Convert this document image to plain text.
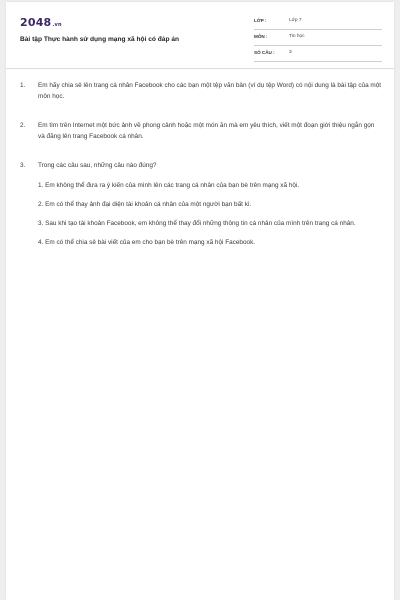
2048.vn
Bài tập Thực hành sử dụng mạng xã hội có đáp án
LỚP :	Lớp 7
MÔN :	Tin học
SỐ CÂU :	3
1. Em hãy chia sẻ lên trang cá nhân Facebook cho các bạn một tệp văn bản (ví dụ tệp Word) có nội dung là bài tập của một môn học.
2. Em tìm trên Internet một bức ảnh về phong cảnh hoặc một món ăn mà em yêu thích, viết một đoạn giới thiệu ngắn gọn và đăng lên trang Facebook cá nhân.
3. Trong các câu sau, những câu nào đúng?
1. Em không thể đưa ra ý kiến của mình lên các trang cá nhân của bạn bè trên mạng xã hội.
2. Em có thể thay ảnh đại diện tài khoản cá nhân của một người bạn bất kì.
3. Sau khi tạo tài khoản Facebook, em không thể thay đổi những thông tin cá nhân của mình trên trang cá nhân.
4. Em có thể chia sẻ bài viết của em cho bạn bè trên mạng xã hội Facebook.
